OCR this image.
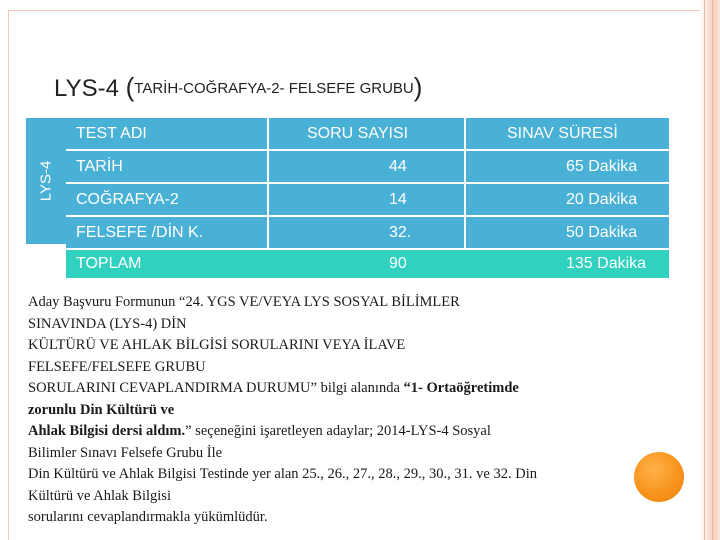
LYS-4 (TARİH-COĞRAFYA-2- FELSEFE GRUBU)
LYS-4
TEST ADI	SORU SAYISI	SINAV SÜRESİ
TARİH	44	65 Dakika
COĞRAFYA-2	14	20 Dakika
FELSEFE /DİN K.	32.	50 Dakika
TOPLAM	90	135 Dakika
Aday Başvuru Formunun “24. YGS VE/VEYA LYS SOSYAL BİLİMLER
SINAVINDA (LYS-4) DİN
KÜLTÜRÜ VE AHLAK BİLGİSİ SORULARINI VEYA İLAVE
FELSEFE/FELSEFE GRUBU
SORULARINI CEVAPLANDIRMA DURUMU” bilgi alanında “1- Ortaöğretimde
zorunlu Din Kültürü ve
Ahlak Bilgisi dersi aldım.” seçeneğini işaretleyen adaylar; 2014-LYS-4 Sosyal
Bilimler Sınavı Felsefe Grubu İle
Din Kültürü ve Ahlak Bilgisi Testinde yer alan 25., 26., 27., 28., 29., 30., 31. ve 32. Din
Kültürü ve Ahlak Bilgisi
sorularını cevaplandırmakla yükümlüdür.
